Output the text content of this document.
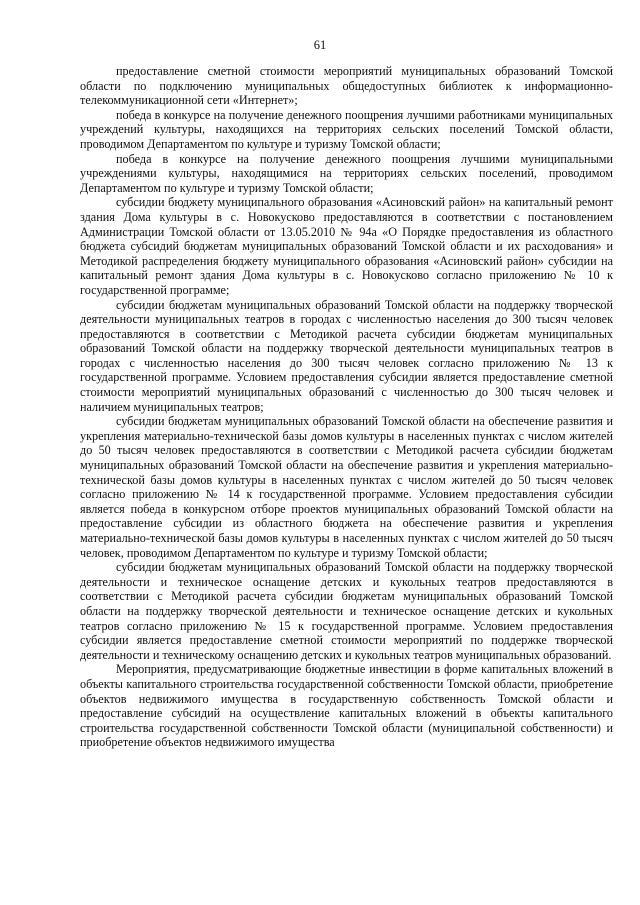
61

предоставление сметной стоимости мероприятий муниципальных образований Томской области по подключению муниципальных общедоступных библиотек к информационно-телекоммуникационной сети «Интернет»;

победа в конкурсе на получение денежного поощрения лучшими работниками муниципальных учреждений культуры, находящихся на территориях сельских поселений Томской области, проводимом Департаментом по культуре и туризму Томской области;

победа в конкурсе на получение денежного поощрения лучшими муниципальными учреждениями культуры, находящимися на территориях сельских поселений, проводимом Департаментом по культуре и туризму Томской области;

субсидии бюджету муниципального образования «Асиновский район» на капитальный ремонт здания Дома культуры в с. Новокусково предоставляются в соответствии с постановлением Администрации Томской области от 13.05.2010 № 94а «О Порядке предоставления из областного бюджета субсидий бюджетам муниципальных образований Томской области и их расходования» и Методикой распределения бюджету муниципального образования «Асиновский район» субсидии на капитальный ремонт здания Дома культуры в с. Новокусково согласно приложению № 10 к государственной программе;

субсидии бюджетам муниципальных образований Томской области на поддержку творческой деятельности муниципальных театров в городах с численностью населения до 300 тысяч человек предоставляются в соответствии с Методикой расчета субсидии бюджетам муниципальных образований Томской области на поддержку творческой деятельности муниципальных театров в городах с численностью населения до 300 тысяч человек согласно приложению № 13 к государственной программе. Условием предоставления субсидии является предоставление сметной стоимости мероприятий муниципальных образований с численностью до 300 тысяч человек и наличием муниципальных театров;

субсидии бюджетам муниципальных образований Томской области на обеспечение развития и укрепления материально-технической базы домов культуры в населенных пунктах с числом жителей до 50 тысяч человек предоставляются в соответствии с Методикой расчета субсидии бюджетам муниципальных образований Томской области на обеспечение развития и укрепления материально-технической базы домов культуры в населенных пунктах с числом жителей до 50 тысяч человек согласно приложению № 14 к государственной программе. Условием предоставления субсидии является победа в конкурсном отборе проектов муниципальных образований Томской области на предоставление субсидии из областного бюджета на обеспечение развития и укрепления материально-технической базы домов культуры в населенных пунктах с числом жителей до 50 тысяч человек, проводимом Департаментом по культуре и туризму Томской области;

субсидии бюджетам муниципальных образований Томской области на поддержку творческой деятельности и техническое оснащение детских и кукольных театров предоставляются в соответствии с Методикой расчета субсидии бюджетам муниципальных образований Томской области на поддержку творческой деятельности и техническое оснащение детских и кукольных театров согласно приложению № 15 к государственной программе. Условием предоставления субсидии является предоставление сметной стоимости мероприятий по поддержке творческой деятельности и техническому оснащению детских и кукольных театров муниципальных образований.

Мероприятия, предусматривающие бюджетные инвестиции в форме капитальных вложений в объекты капитального строительства государственной собственности Томской области, приобретение объектов недвижимого имущества в государственную собственность Томской области и предоставление субсидий на осуществление капитальных вложений в объекты капитального строительства государственной собственности Томской области (муниципальной собственности) и приобретение объектов недвижимого имущества
